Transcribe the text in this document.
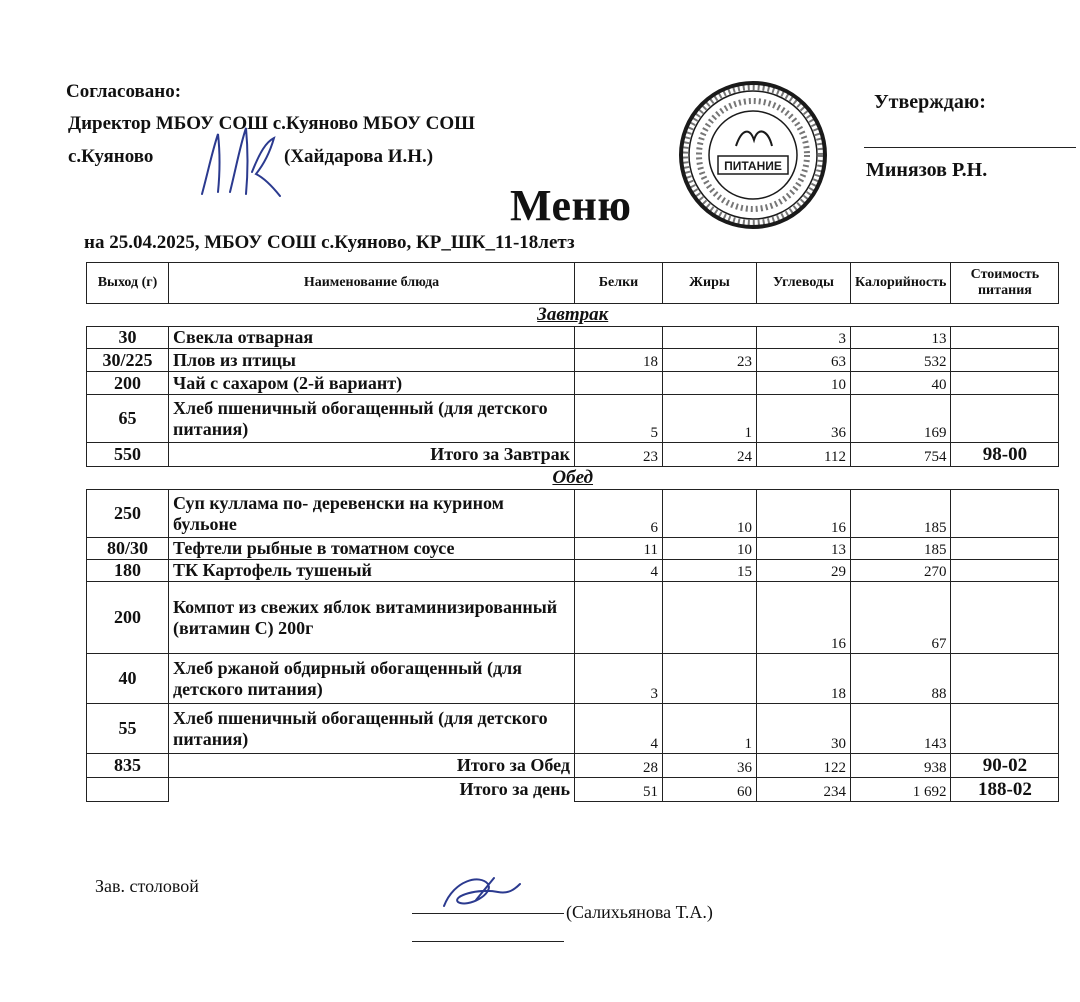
Согласовано:
Директор МБОУ СОШ с.Куяново МБОУ СОШ
с.Куяново	(Хайдарова И.Н.)	ПИТАНИЕ
Утверждаю:
Минязов Р.Н.
Меню
на 25.04.2025, МБОУ СОШ с.Куяново, КР_ШК_11-18летз
Выход (г)	Наименование блюда	Белки	Жиры	Углеводы	Калорийность	Стоимость питания
Завтрак						
30	Свекла отварная			3	13	
30/225	Плов из птицы	18	23	63	532	
200	Чай с сахаром (2-й вариант)			10	40	
65	Хлеб пшеничный обогащенный (для детского питания)	5	1	36	169	
550	Итого за Завтрак	23	24	112	754	98-00
Обед						
250	Суп куллама по- деревенски на курином бульоне	6	10	16	185	
80/30	Тефтели рыбные в томатном соусе	11	10	13	185	
180	ТК Картофель тушеный	4	15	29	270	
200	Компот из свежих яблок витаминизированный (витамин С) 200г			16	67	
40	Хлеб ржаной обдирный обогащенный (для детского питания)	3		18	88	
55	Хлеб пшеничный обогащенный (для детского питания)	4	1	30	143	
835	Итого за Обед	28	36	122	938	90-02
	Итого за день	51	60	234	1 692	188-02
Зав. столовой
(Салихьянова Т.А.)
